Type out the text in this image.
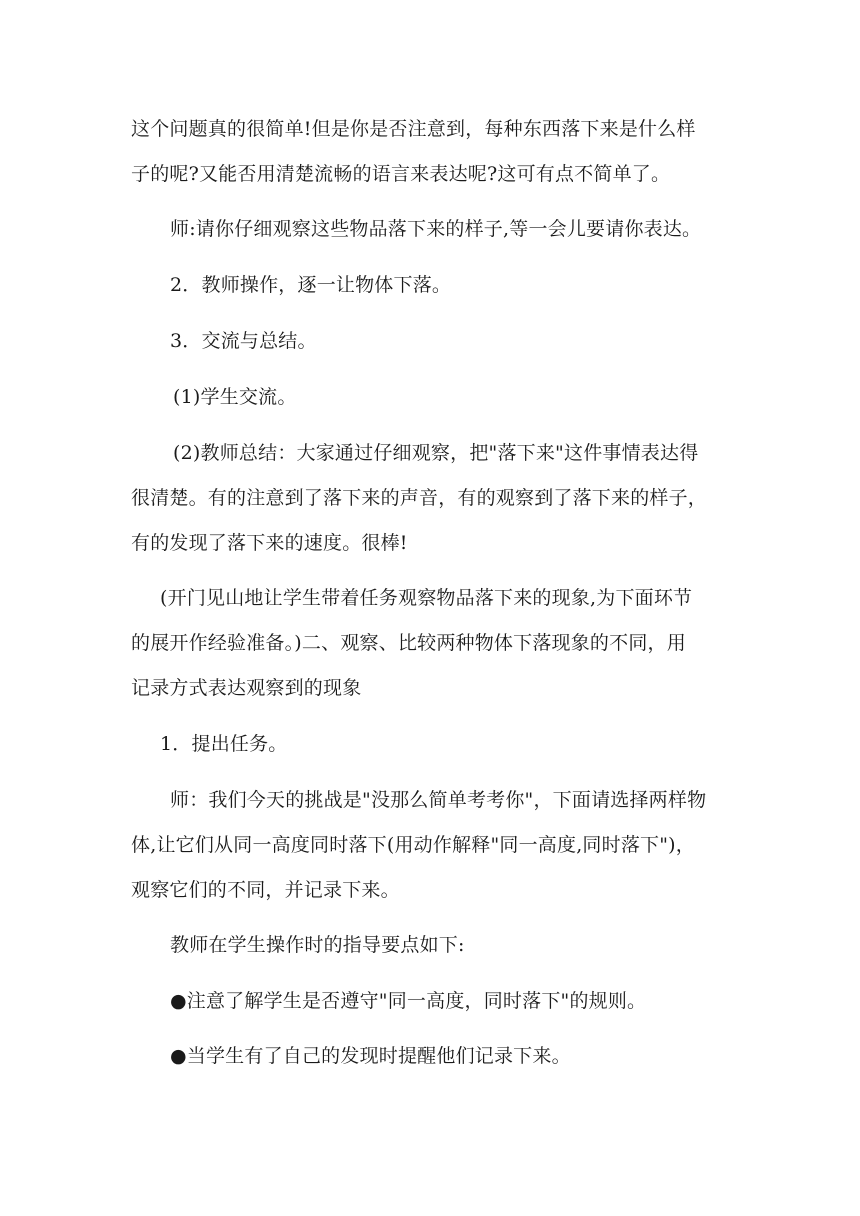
这个问题真的很简单!但是你是否注意到，每种东西落下来是什么样
子的呢?又能否用清楚流畅的语言来表达呢?这可有点不简单了。
师:请你仔细观察这些物品落下来的样子,等一会儿要请你表达。
2．教师操作，逐一让物体下落。
3．交流与总结。
(1)学生交流。
(2)教师总结：大家通过仔细观察，把"落下来"这件事情表达得
很清楚。有的注意到了落下来的声音，有的观察到了落下来的样子，
有的发现了落下来的速度。很棒!
(开门见山地让学生带着任务观察物品落下来的现象,为下面环节
的展开作经验准备。)二、观察、比较两种物体下落现象的不同，用
记录方式表达观察到的现象
1．提出任务。
师：我们今天的挑战是"没那么简单考考你"，下面请选择两样物
体,让它们从同一高度同时落下(用动作解释"同一高度,同时落下")，
观察它们的不同，并记录下来。
教师在学生操作时的指导要点如下:
●注意了解学生是否遵守"同一高度，同时落下"的规则。
●当学生有了自己的发现时提醒他们记录下来。
